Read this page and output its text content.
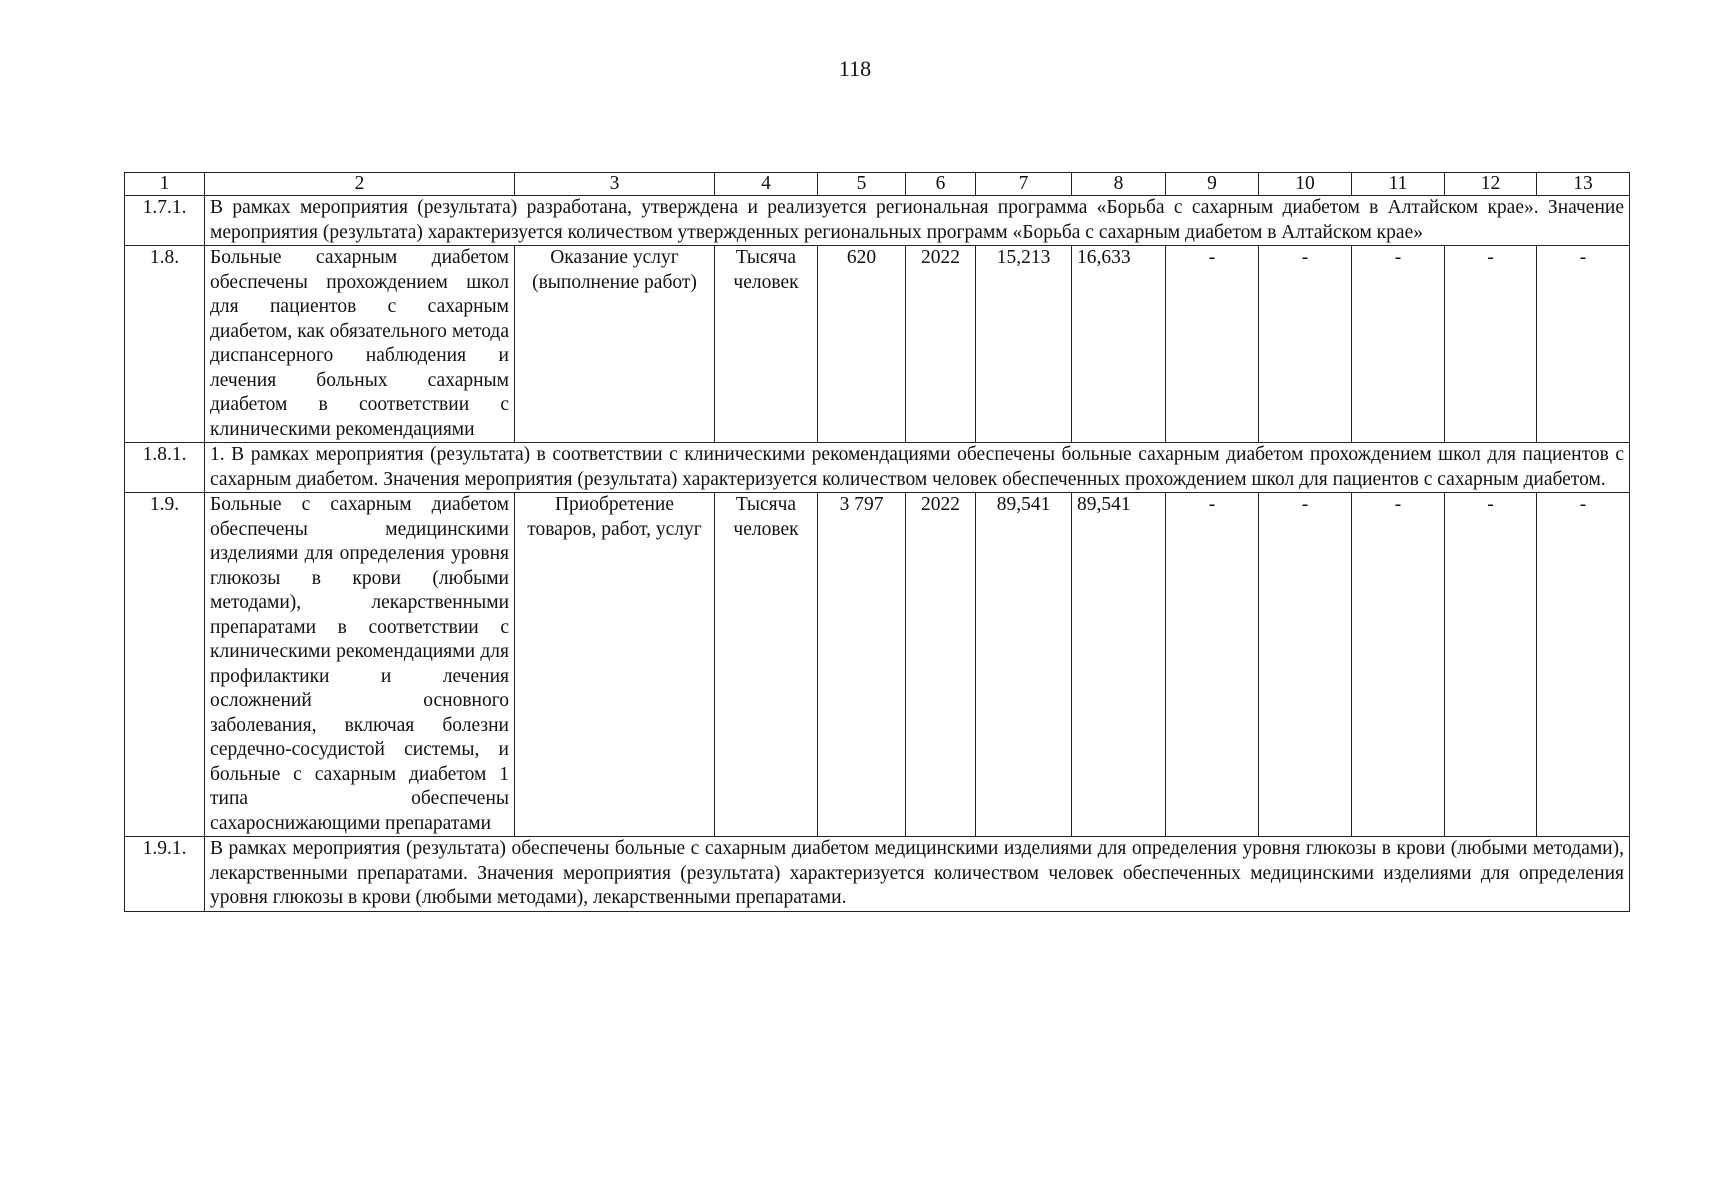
118
1	2	3	4	5	6	7	8	9	10	11	12	13
1.7.1.	В рамках мероприятия (результата) разработана, утверждена и реализуется региональная программа «Борьба с сахарным диабетом в Алтайском крае». Значение мероприятия (результата) характеризуется количеством утвержденных региональных программ «Борьба с сахарным диабетом в Алтайском крае»											
1.8.	Больные сахарным диабетом обеспечены прохождением школ для пациентов с сахарным диабетом, как обязательного метода диспансерного наблюдения и лечения больных сахарным диабетом в соответствии с клиническими рекомендациями	Оказание услуг (выполнение работ)	Тысяча человек	620	2022	15,213	16,633	-	-	-	-	-
1.8.1.	1. В рамках мероприятия (результата) в соответствии с клиническими рекомендациями обеспечены больные сахарным диабетом прохождением школ для пациентов с сахарным диабетом. Значения мероприятия (результата) характеризуется количеством человек обеспеченных прохождением школ для пациентов с сахарным диабетом.											
1.9.	Больные с сахарным диабетом обеспечены медицинскими изделиями для определения уровня глюкозы в крови (любыми методами), лекарственными препаратами в соответствии с клиническими рекомендациями для профилактики и лечения осложнений основного заболевания, включая болезни сердечно-сосудистой системы, и больные с сахарным диабетом 1 типа обеспечены сахароснижающими препаратами	Приобретение товаров, работ, услуг	Тысяча человек	3 797	2022	89,541	89,541	-	-	-	-	-
1.9.1.	В рамках мероприятия (результата) обеспечены больные с сахарным диабетом медицинскими изделиями для определения уровня глюкозы в крови (любыми методами), лекарственными препаратами. Значения мероприятия (результата) характеризуется количеством человек обеспеченных медицинскими изделиями для определения уровня глюкозы в крови (любыми методами), лекарственными препаратами.											
